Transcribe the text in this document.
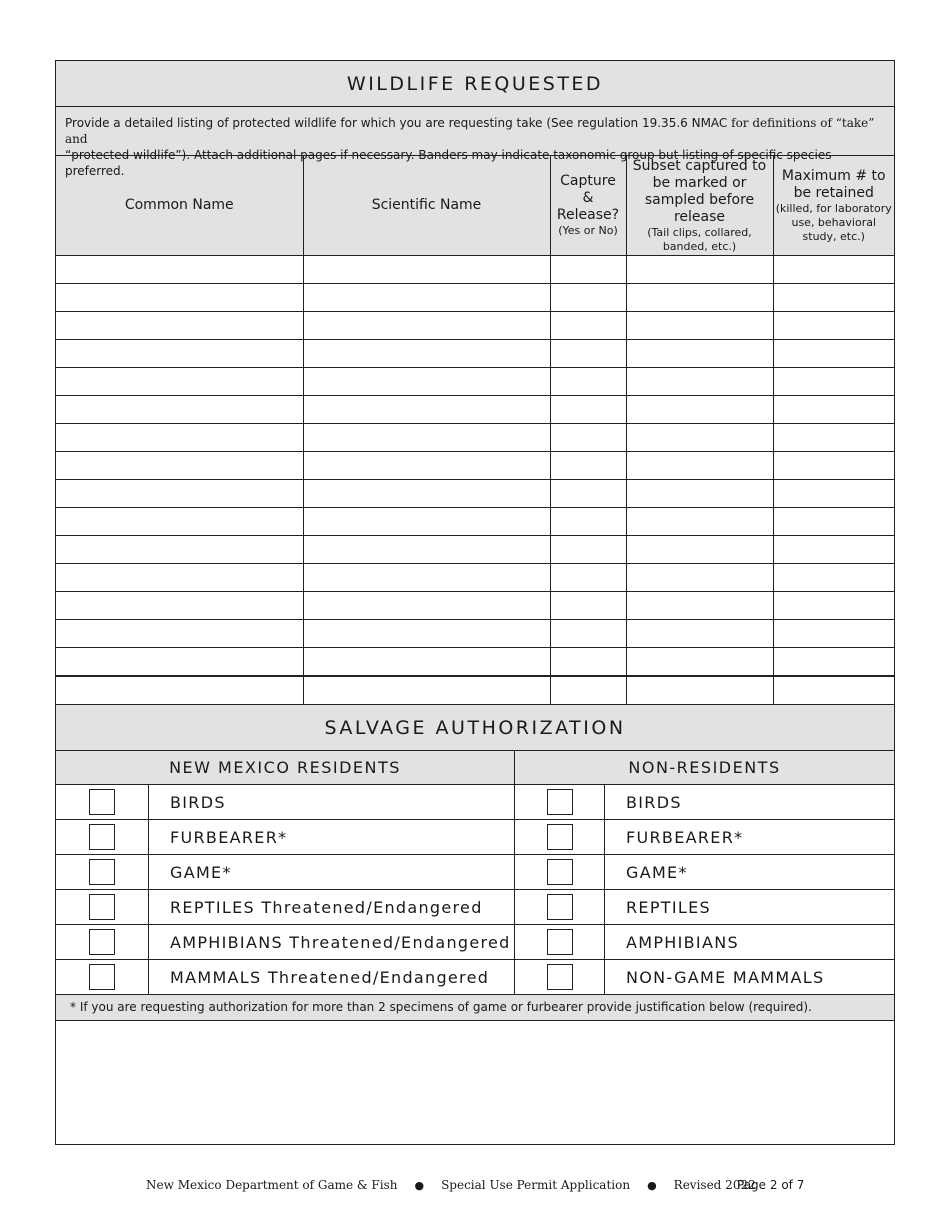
WILDLIFE REQUESTED
Provide a detailed listing of protected wildlife for which you are requesting take (See regulation 19.35.6 NMAC for definitions of “take” and
“protected wildlife”). Attach additional pages if necessary. Banders may indicate taxonomic group but listing of specific species preferred.
Common Name	Scientific Name	Capture
&
Release?
(Yes or No)	Subset captured to be marked or sampled before release
(Tail clips, collared, banded, etc.)	Maximum # to be retained
(killed, for laboratory use, behavioral study, etc.)

SALVAGE AUTHORIZATION
NEW MEXICO RESIDENTS	NON-RESIDENTS
BIRDS	BIRDS
FURBEARER*	FURBEARER*
GAME*	GAME*
REPTILES Threatened/Endangered	REPTILES
AMPHIBIANS Threatened/Endangered	AMPHIBIANS
MAMMALS Threatened/Endangered	NON-GAME MAMMALS
* If you are requesting authorization for more than 2 specimens of game or furbearer provide justification below (required).
New Mexico Department of Game & Fish ● Special Use Permit Application ● Revised 2022
Page 2 of 7
